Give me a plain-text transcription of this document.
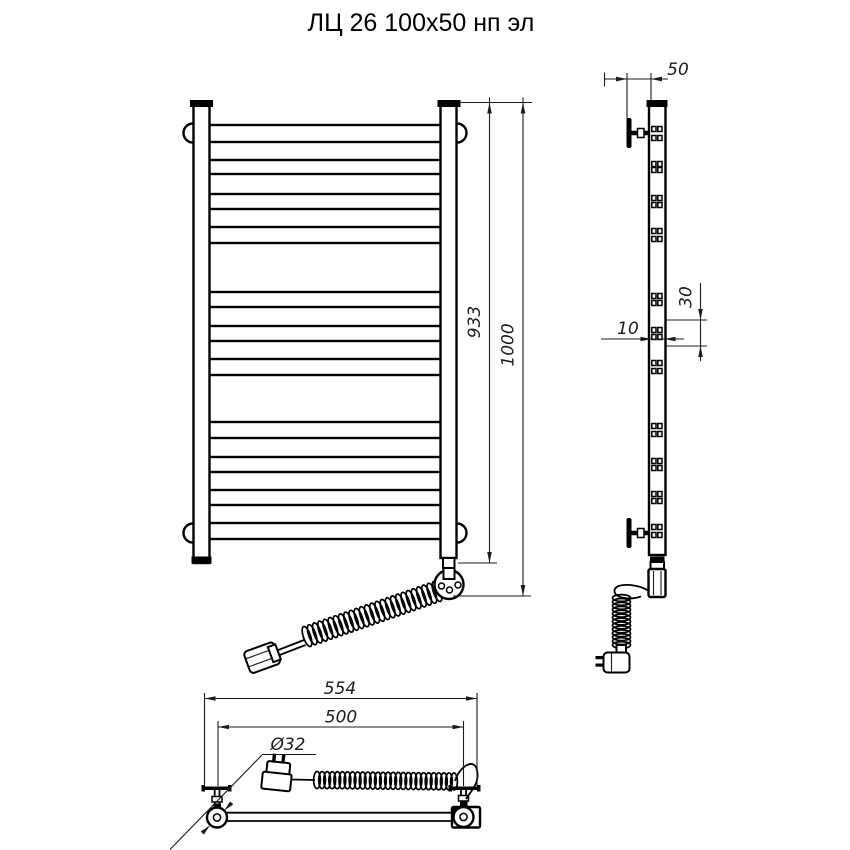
ЛЦ 26 100x50 нп эл
933
1000
50
30
10
554
500
Ø32
